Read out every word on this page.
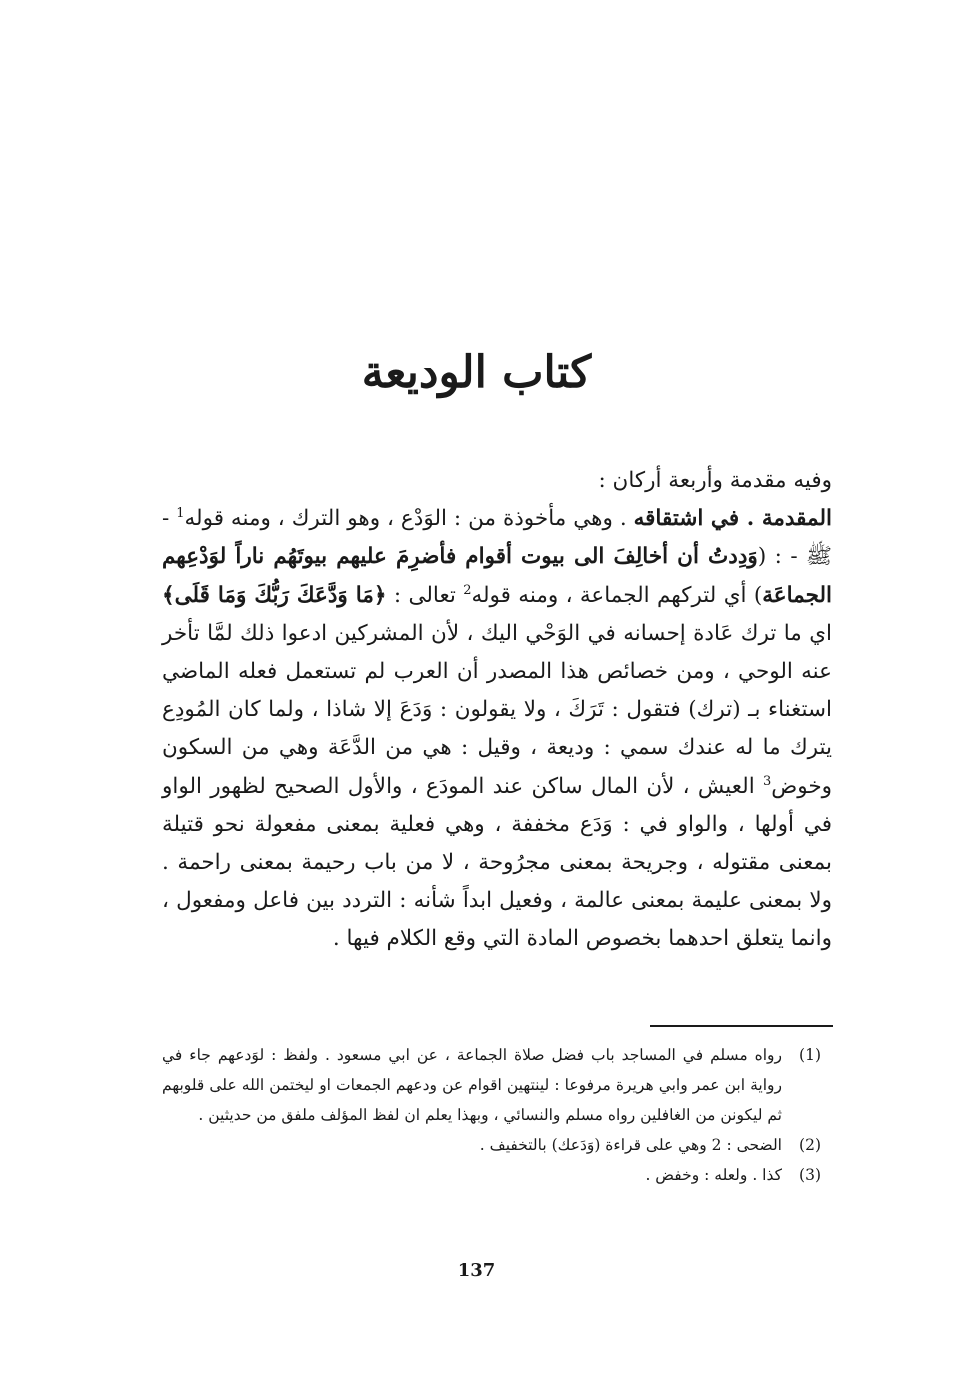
كتاب الوديعة

وفيه مقدمة وأربعة أركان :

المقدمة . في اشتقاقه . وهي مأخوذة من : الوَدْع ، وهو الترك ، ومنه قوله$^1$ - ﷺ - : (وَدِدتُ أن أخالِفَ الى بيوت أقوام فأضرِمَ عليهم بيوتَهُم ناراً لوَدْعِهم الجماعَة) أي لتركهم الجماعة ، ومنه قوله$^2$ تعالى : ﴿مَا وَدَّعَكَ رَبُّكَ وَمَا قَلَى﴾ اي ما ترك عَادة إحسانه في الوَحْي اليك ، لأن المشركين ادعوا ذلك لمَّا تأخر عنه الوحي ، ومن خصائص هذا المصدر أن العرب لم تستعمل فعله الماضي استغناء بـ (ترك) فتقول : تَرَكَ ، ولا يقولون : وَدَعَ إلا شاذا ، ولما كان المُودِع يترك ما له عندك سمي : وديعة ، وقيل : هي من الدَّعَة وهي من السكون وخوض$^3$ العيش ، لأن المال ساكن عند المودَع ، والأول الصحيح لظهور الواو في أولها ، والواو في : وَدَع مخففة ، وهي فعلية بمعنى مفعولة نحو قتيلة بمعنى مقتوله ، وجريحة بمعنى مجرُوحة ، لا من باب رحيمة بمعنى راحمة . ولا بمعنى عليمة بمعنى عالمة ، وفعيل ابداً شأنه : التردد بين فاعل ومفعول ، وانما يتعلق احدهما بخصوص المادة التي وقع الكلام فيها .

(1)
رواه مسلم في المساجد باب فضل صلاة الجماعة ، عن ابي مسعود . ولفظ : لوَدعهم جاء في رواية ابن عمر وابي هريرة مرفوعا : لينتهين اقوام عن ودعهم الجمعات او ليختمن الله على قلوبهم ثم ليكونن من الغافلين رواه مسلم والنسائي ، وبهذا يعلم ان لفظ المؤلف ملفق من حديثين .
(2)
الضحى : 2 وهي على قراءة (وَدَعك) بالتخفيف .
(3)
كذا . ولعله : وخفض .
137
